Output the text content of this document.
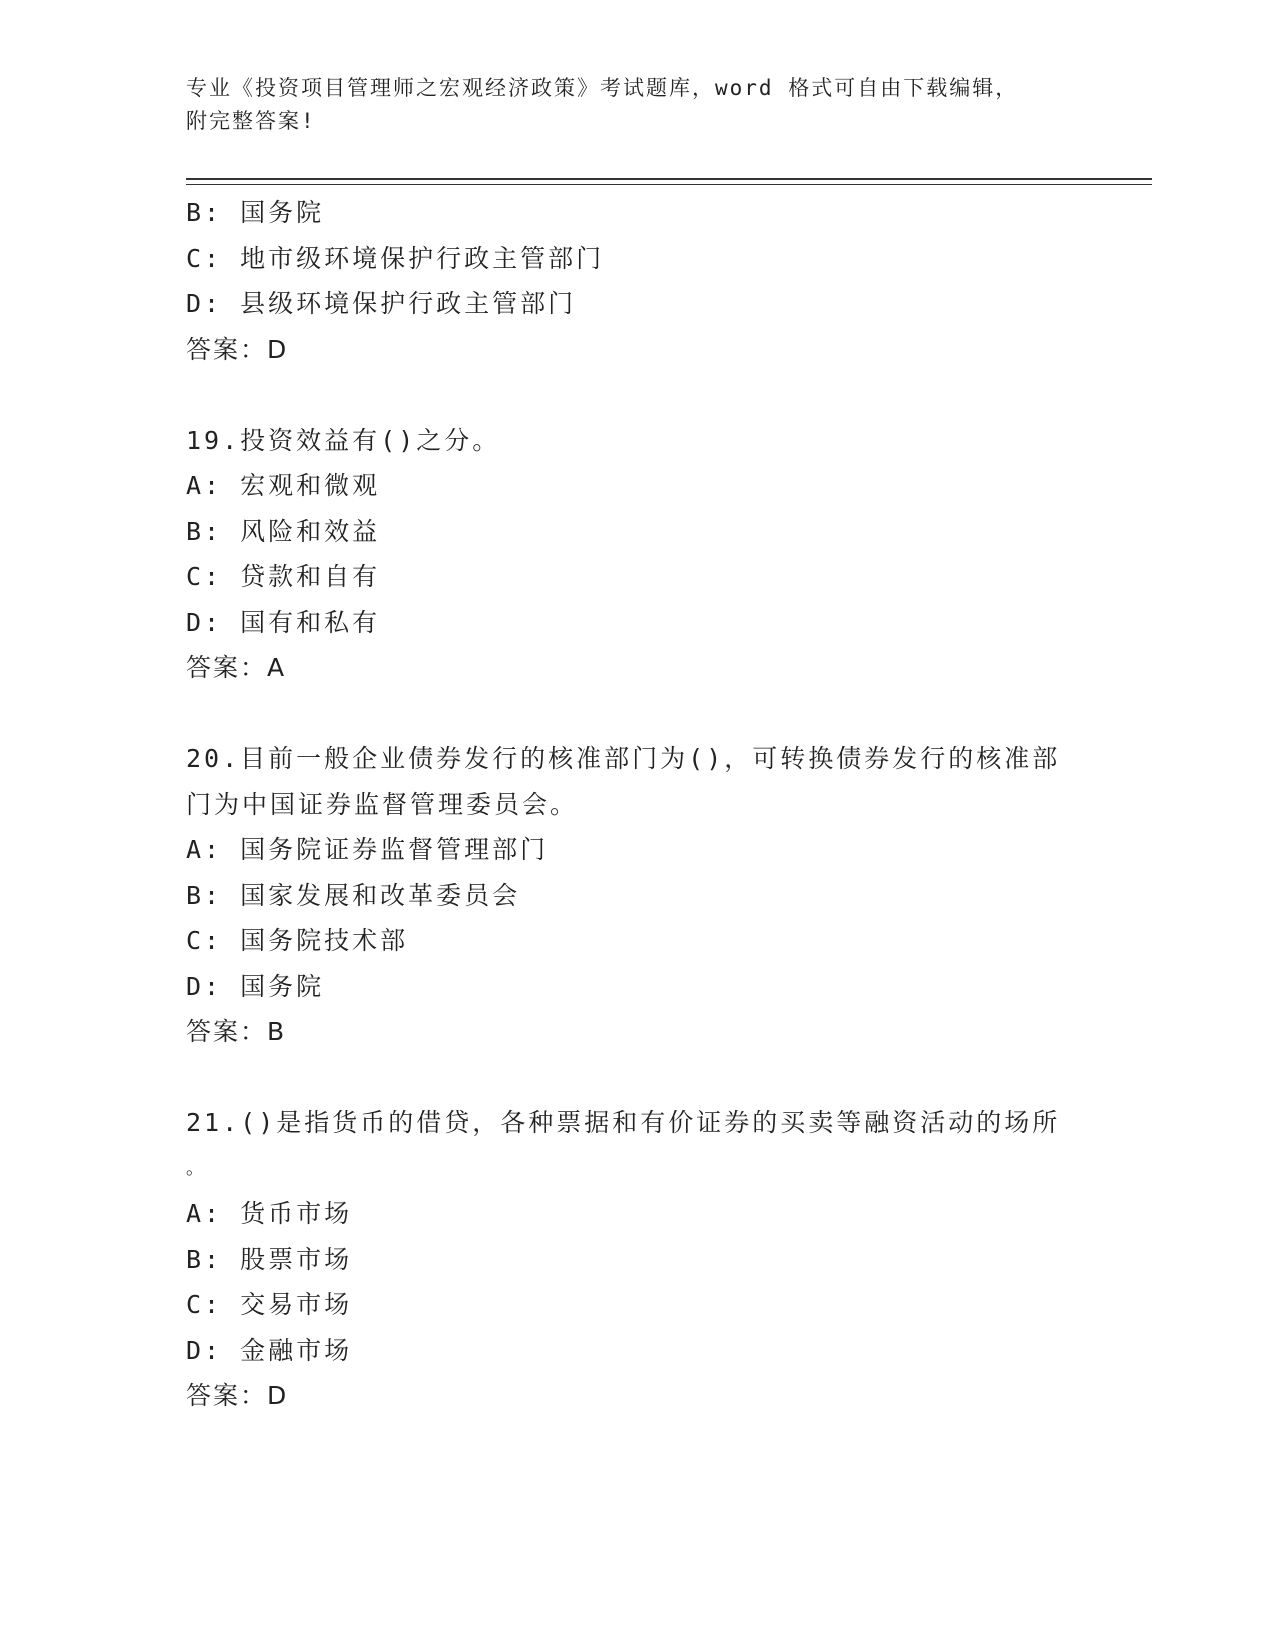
专业《投资项目管理师之宏观经济政策》考试题库，word 格式可自由下载编辑，
附完整答案!
B: 国务院
C: 地市级环境保护行政主管部门
D: 县级环境保护行政主管部门
答案：D
19.投资效益有()之分。
A: 宏观和微观
B: 风险和效益
C: 贷款和自有
D: 国有和私有
答案：A
20.目前一般企业债券发行的核准部门为()，可转换债券发行的核准部
门为中国证券监督管理委员会。
A: 国务院证券监督管理部门
B: 国家发展和改革委员会
C: 国务院技术部
D: 国务院
答案：B
21.()是指货币的借贷，各种票据和有价证券的买卖等融资活动的场所
。
A: 货币市场
B: 股票市场
C: 交易市场
D: 金融市场
答案：D
